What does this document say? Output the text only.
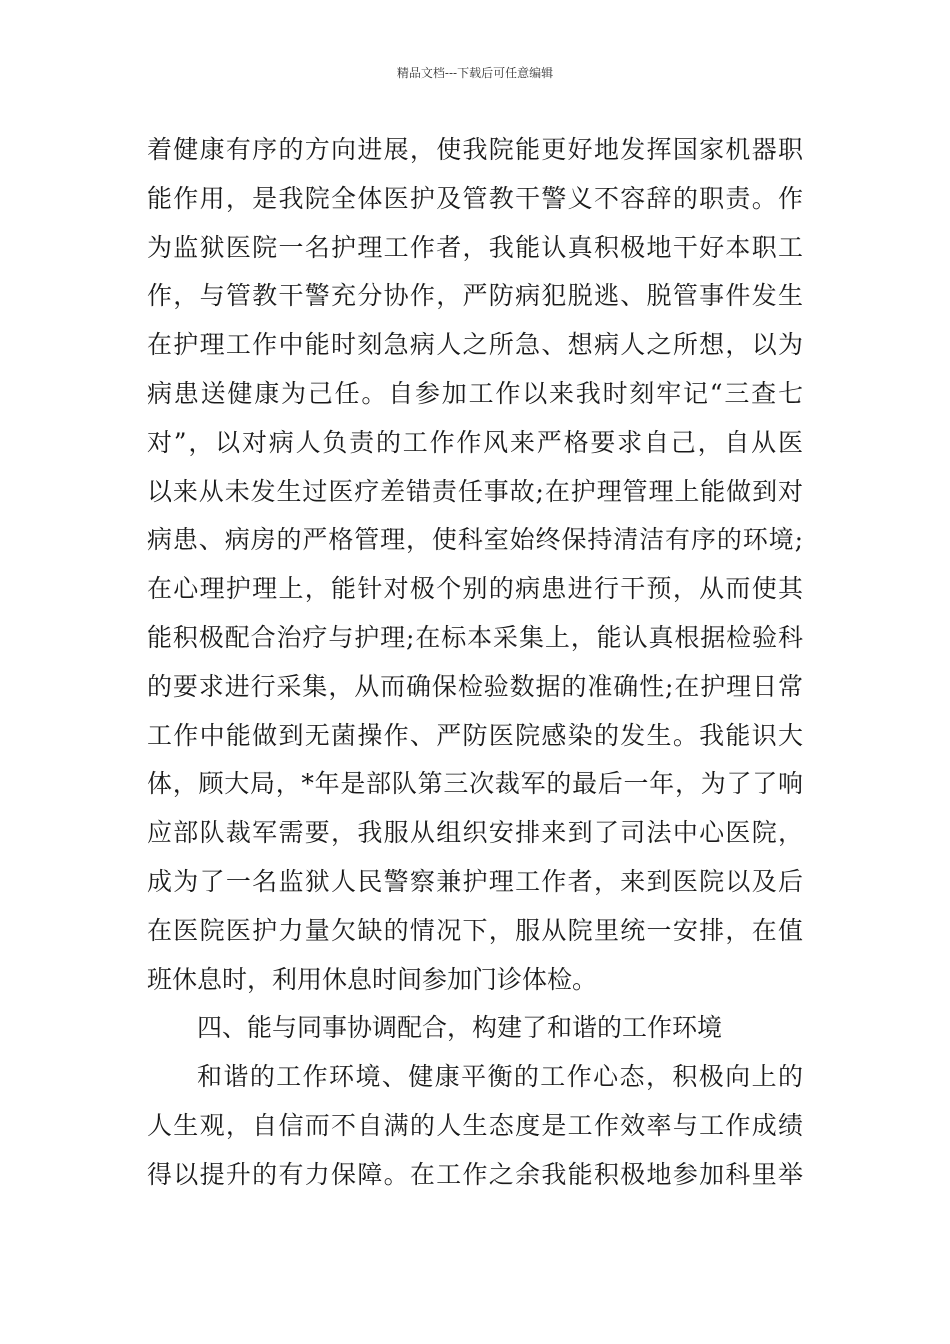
精品文档---下载后可任意编辑
着健康有序的方向进展，使我院能更好地发挥国家机器职
能作用，是我院全体医护及管教干警义不容辞的职责。作
为监狱医院一名护理工作者，我能认真积极地干好本职工
作，与管教干警充分协作，严防病犯脱逃、脱管事件发生
在护理工作中能时刻急病人之所急、想病人之所想，以为
病患送健康为己任。自参加工作以来我时刻牢记“三查七
对”，以对病人负责的工作作风来严格要求自己，自从医
以来从未发生过医疗差错责任事故;在护理管理上能做到对
病患、病房的严格管理，使科室始终保持清洁有序的环境;
在心理护理上，能针对极个别的病患进行干预，从而使其
能积极配合治疗与护理;在标本采集上，能认真根据检验科
的要求进行采集，从而确保检验数据的准确性;在护理日常
工作中能做到无菌操作、严防医院感染的发生。我能识大
体，顾大局，*年是部队第三次裁军的最后一年，为了了响
应部队裁军需要，我服从组织安排来到了司法中心医院，
成为了一名监狱人民警察兼护理工作者，来到医院以及后
在医院医护力量欠缺的情况下，服从院里统一安排，在值
班休息时，利用休息时间参加门诊体检。
四、能与同事协调配合，构建了和谐的工作环境
和谐的工作环境、健康平衡的工作心态，积极向上的
人生观，自信而不自满的人生态度是工作效率与工作成绩
得以提升的有力保障。在工作之余我能积极地参加科里举
